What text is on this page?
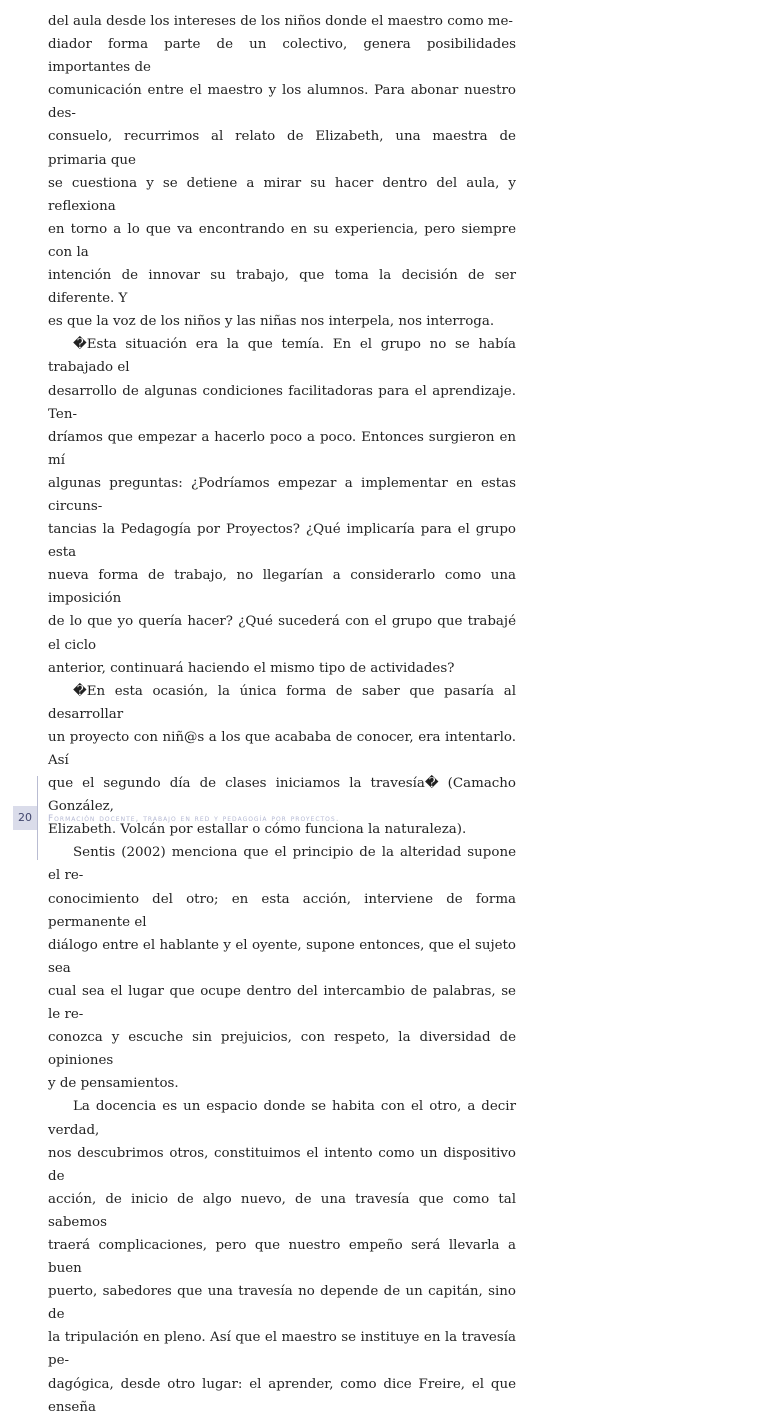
del aula desde los intereses de los niños donde el maestro como me-
diador forma parte de un colectivo, genera posibilidades importantes de
comunicación entre el maestro y los alumnos. Para abonar nuestro des-
consuelo, recurrimos al relato de Elizabeth, una maestra de primaria que
se cuestiona y se detiene a mirar su hacer dentro del aula, y reflexiona
en torno a lo que va encontrando en su experiencia, pero siempre con la
intención de innovar su trabajo, que toma la decisión de ser diferente. Y
es que la voz de los niños y las niñas nos interpela, nos interroga.

�Esta situación era la que temía. En el grupo no se había trabajado el
desarrollo de algunas condiciones facilitadoras para el aprendizaje. Ten-
dríamos que empezar a hacerlo poco a poco. Entonces surgieron en mí
algunas preguntas: ¿Podríamos empezar a implementar en estas circuns-
tancias la Pedagogía por Proyectos? ¿Qué implicaría para el grupo esta
nueva forma de trabajo, no llegarían a considerarlo como una imposición
de lo que yo quería hacer? ¿Qué sucederá con el grupo que trabajé el ciclo
anterior, continuará haciendo el mismo tipo de actividades?

�En esta ocasión, la única forma de saber que pasaría al desarrollar
un proyecto con niñ@s a los que acababa de conocer, era intentarlo. Así
que el segundo día de clases iniciamos la travesía� (Camacho González,
Elizabeth. Volcán por estallar o cómo funciona la naturaleza).

Sentis (2002) menciona que el principio de la alteridad supone el re-
conocimiento del otro; en esta acción, interviene de forma permanente el
diálogo entre el hablante y el oyente, supone entonces, que el sujeto sea
cual sea el lugar que ocupe dentro del intercambio de palabras, se le re-
conozca y escuche sin prejuicios, con respeto, la diversidad de opiniones
y de pensamientos.

La docencia es un espacio donde se habita con el otro, a decir verdad,
nos descubrimos otros, constituimos el intento como un dispositivo de
acción, de inicio de algo nuevo, de una travesía que como tal sabemos
traerá complicaciones, pero que nuestro empeño será llevarla a buen
puerto, sabedores que una travesía no depende de un capitán, sino de
la tripulación en pleno. Así que el maestro se instituye en la travesía pe-
dagógica, desde otro lugar: el aprender, como dice Freire, el que enseña

20	Formación docente, trabajo en red y pedagogía por proyectos.
